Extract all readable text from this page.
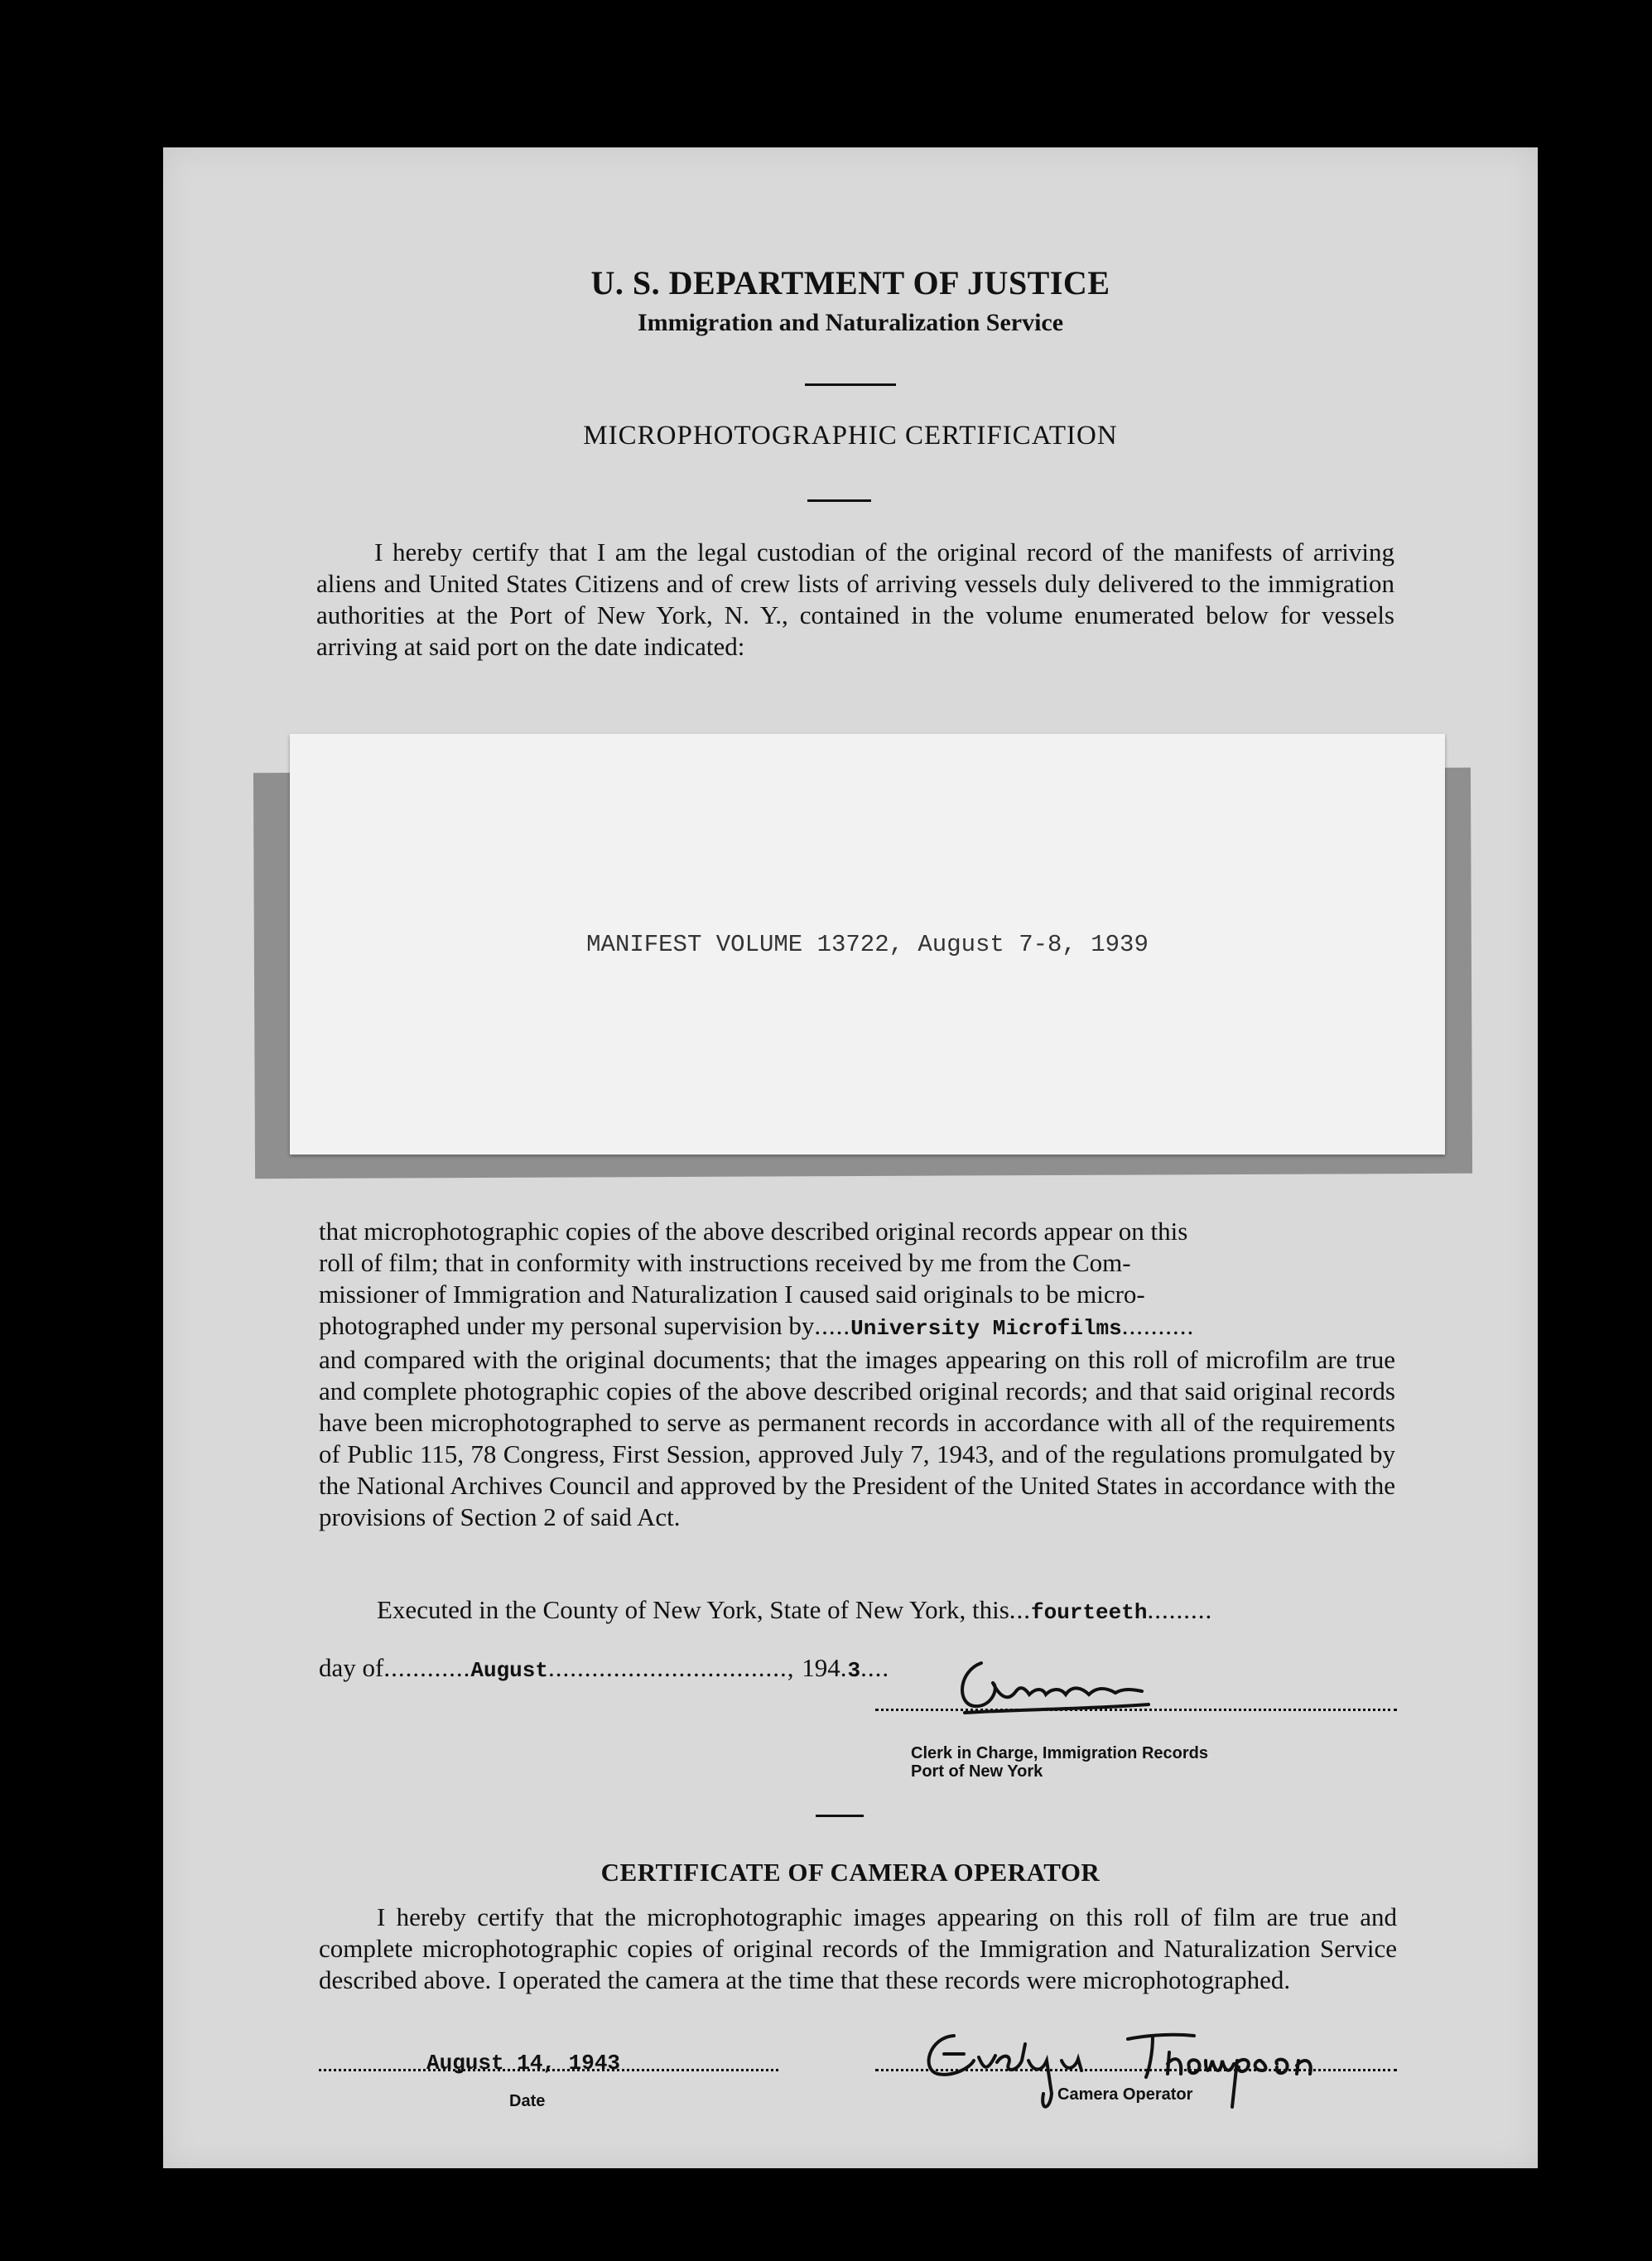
U. S. DEPARTMENT OF JUSTICE
Immigration and Naturalization Service
MICROPHOTOGRAPHIC CERTIFICATION
I hereby certify that I am the legal custodian of the original record of the manifests of arriving aliens and United States Citizens and of crew lists of arriving vessels duly delivered to the immigration authorities at the Port of New York, N. Y., contained in the volume enumerated below for vessels arriving at said port on the date indicated:
MANIFEST VOLUME 13722, August 7-8, 1939
that microphotographic copies of the above described original records appear on this
roll of film; that in conformity with instructions received by me from the Com-
missioner of Immigration and Naturalization I caused said originals to be micro-
photographed under my personal supervision by.....University Microfilms..........
and compared with the original documents; that the images appearing on this roll of microfilm are true and complete photographic copies of the above described original records; and that said original records have been microphotographed to serve as permanent records in accordance with all of the requirements of Public 115, 78 Congress, First Session, approved July 7, 1943, and of the regulations promulgated by the National Archives Council and approved by the President of the United States in accordance with the provisions of Section 2 of said Act.
Executed in the County of New York, State of New York, this...fourteeth.........
day of............August................................., 194.3....
Clerk in Charge, Immigration Records
Port of New York
CERTIFICATE OF CAMERA OPERATOR
I hereby certify that the microphotographic images appearing on this roll of film are true and complete microphotographic copies of original records of the Immigration and Naturalization Service described above. I operated the camera at the time that these records were microphotographed.
August 14, 1943
Date	Camera Operator
